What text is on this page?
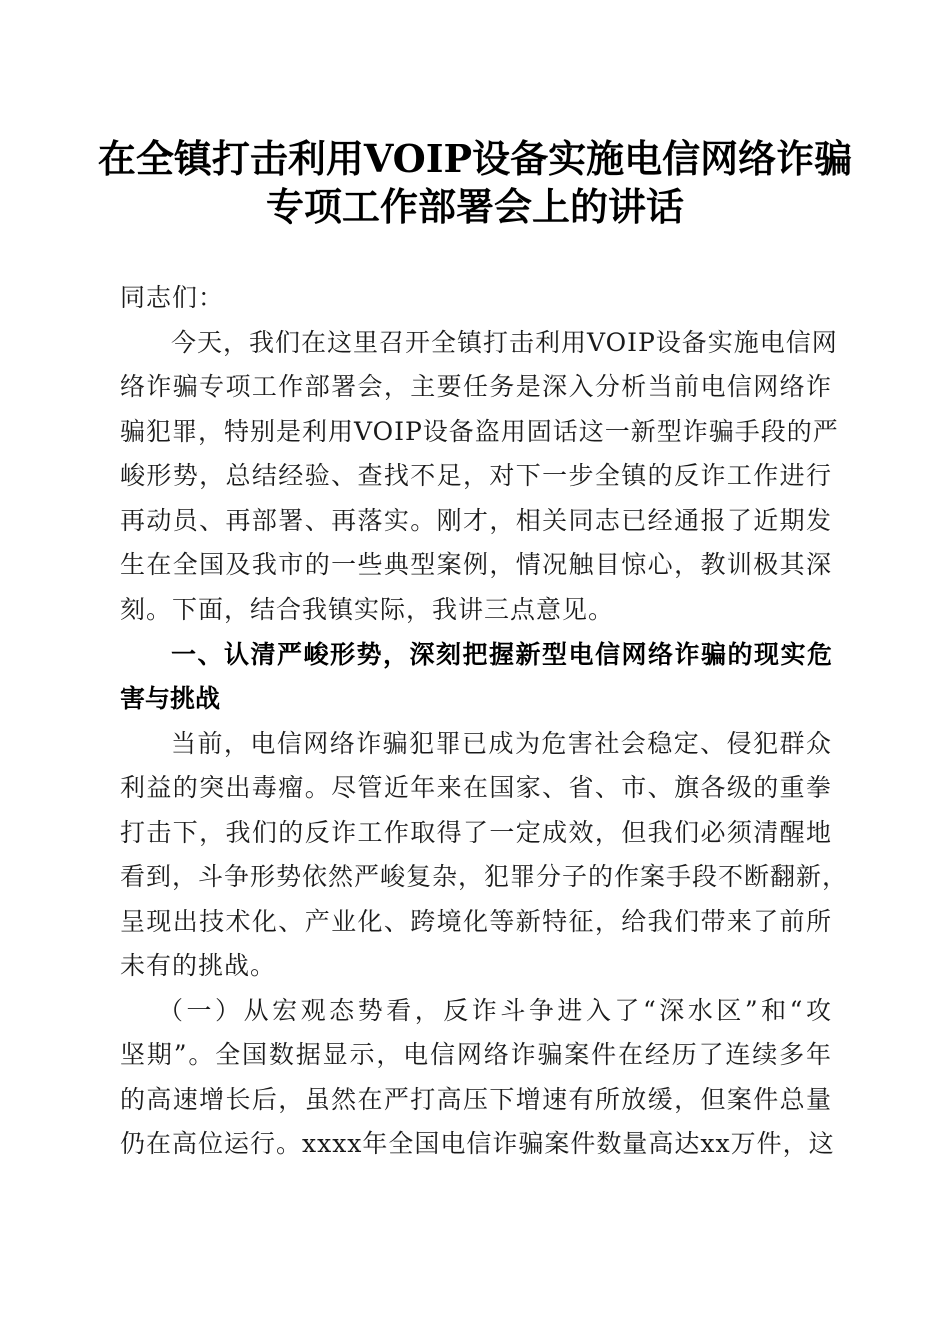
在全镇打击利用VOIP设备实施电信网络诈骗
专项工作部署会上的讲话
同志们：
今天，我们在这里召开全镇打击利用VOIP设备实施电信网
络诈骗专项工作部署会，主要任务是深入分析当前电信网络诈
骗犯罪，特别是利用VOIP设备盗用固话这一新型诈骗手段的严
峻形势，总结经验、查找不足，对下一步全镇的反诈工作进行
再动员、再部署、再落实。刚才，相关同志已经通报了近期发
生在全国及我市的一些典型案例，情况触目惊心，教训极其深
刻。下面，结合我镇实际，我讲三点意见。
一、认清严峻形势，深刻把握新型电信网络诈骗的现实危
害与挑战
当前，电信网络诈骗犯罪已成为危害社会稳定、侵犯群众
利益的突出毒瘤。尽管近年来在国家、省、市、旗各级的重拳
打击下，我们的反诈工作取得了一定成效，但我们必须清醒地
看到，斗争形势依然严峻复杂，犯罪分子的作案手段不断翻新，
呈现出技术化、产业化、跨境化等新特征，给我们带来了前所
未有的挑战。
（一）从宏观态势看，反诈斗争进入了“深水区”和“攻
坚期”。全国数据显示，电信网络诈骗案件在经历了连续多年
的高速增长后，虽然在严打高压下增速有所放缓，但案件总量
仍在高位运行。xxxx年全国电信诈骗案件数量高达xx万件，这
